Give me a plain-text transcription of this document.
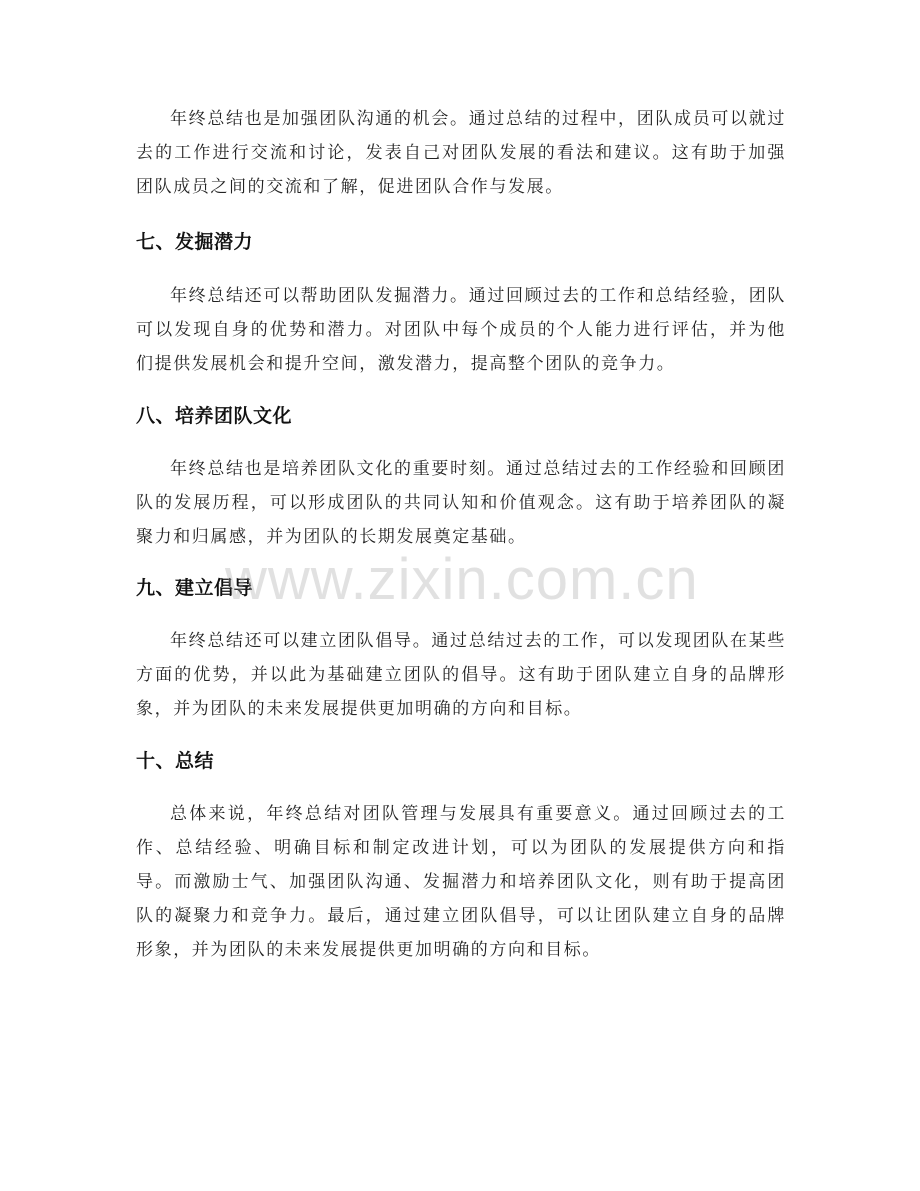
年终总结也是加强团队沟通的机会。通过总结的过程中，团队成员可以就过去的工作进行交流和讨论，发表自己对团队发展的看法和建议。这有助于加强团队成员之间的交流和了解，促进团队合作与发展。

七、发掘潜力

年终总结还可以帮助团队发掘潜力。通过回顾过去的工作和总结经验，团队可以发现自身的优势和潜力。对团队中每个成员的个人能力进行评估，并为他们提供发展机会和提升空间，激发潜力，提高整个团队的竞争力。

八、培养团队文化

年终总结也是培养团队文化的重要时刻。通过总结过去的工作经验和回顾团队的发展历程，可以形成团队的共同认知和价值观念。这有助于培养团队的凝聚力和归属感，并为团队的长期发展奠定基础。

九、建立倡导

年终总结还可以建立团队倡导。通过总结过去的工作，可以发现团队在某些方面的优势，并以此为基础建立团队的倡导。这有助于团队建立自身的品牌形象，并为团队的未来发展提供更加明确的方向和目标。

十、总结

总体来说，年终总结对团队管理与发展具有重要意义。通过回顾过去的工作、总结经验、明确目标和制定改进计划，可以为团队的发展提供方向和指导。而激励士气、加强团队沟通、发掘潜力和培养团队文化，则有助于提高团队的凝聚力和竞争力。最后，通过建立团队倡导，可以让团队建立自身的品牌形象，并为团队的未来发展提供更加明确的方向和目标。

www.zixin.com.cn
